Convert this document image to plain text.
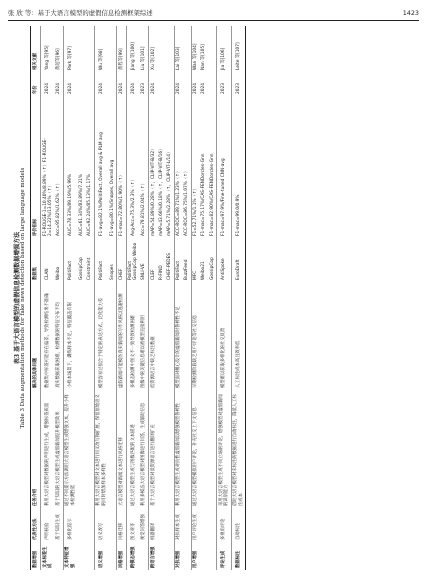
张 欣 等：基于大语言模型的虚假信息检测框架综述	1423
表3 基于大语言模型的虚假信息检测数据增强方法 Table 3 Data augmentation methods for fake news detection based on large language models
数据增强	代表性方法	任务介绍	解决的具体问题	数据集	评价指标	年份	相关文献
文本标签生成	声明核验	利用大语言模型对数据的声明进行生成，增强标签质量	数据集中标签可能存在偏差，导致检测结果不准确	CLAN	F1-ROUGE-1=10.40%/8.89%（↑）F1-ROUGE-2=14.22%/13.05%（↑）	2024	Yang 等[95]
	基于知识生成	基于知识的大语言模型生成虚假新闻提升模型效果	真实数据获取困难，检测数据的特征分布不均	Weibo	Acc=95.82%/1.62%（↑）	2024	黄超等[96]
文本特征增强	多样化提示	通过不同提示方法调用大语言模型生成增强文本，提升小样本检测性能	小样本场景下，训练样本不足，特征覆盖有限	PolitiFact	AUC=78.33%/89.19%/5.99%	2024	Park 等[97]
				GossipCop	AUC=61.34%/83.89%/7.21%		
				Constraint	AUC=92.24%/85.13%/1.17%		
语义增强	语义改写	利用大语言模型对文本进行同义改写和扩展，保留原始语义的同时增加样本多样性	模型容易过拟合于特定的表达方式，泛化能力差	PolitiFact	F1-avg=82.1%/PolitiFact, Overall avg & PLM avg	2024	Wu 等[98]
				Snopes	F1-avg=80.1%/Snopes, Overall avg		
风格增强	风格迁移	大语言模型对新闻文本进行风格迁移	虚假新闻可能模仿真实新闻的写作风格以逃避检测	CHEF	F1-mac=72.80%/1.90%（↑）	2024	黄程等[99]
跨模态增强	图文对齐	通过大语言模型生成与图像匹配的文本描述	多模态检测中图文不一致导致检测困难	PolitiFact GossipCop Weibo	Avg-Acc=75.3%/2.3%（↑）	2024	Jiang 等[100]
	视觉问答增强	利用多模态大语言模型对图像进行问答，生成辅助信息	图像中的关键信息难以被模型直接利用	SNLI-VE	Acc=79.81%/2.04%（↑）	2023	Liu 等[101]
跨语言增强	机器翻译	基于大语言模型对低资源语言进行翻译扩充	低资源语言中缺乏标注数据	CLEF	mAP=54.89%/0.28%（↑，CLIP-VIT-B/32）	2024	Xu 等[102]
				R-FIND	mAP=43.66%/0.18%（↑，CLIP-VIT-B/16）		
				CHEF-PEDES	mAP=5.71%/2.28%（↑，CLIP-VIT-L/14）		
对抗增强	对抗样本生成	利用大语言模型生成对抗性虚假新闻以增强模型鲁棒性	模型面对精心设计的虚假新闻时鲁棒性不足	PolitiFact	ACC-ROC=89.71%/1.23%（↑）	2024	Lai 等[103]
				BuzzFeed	ACC-ROC=86.75%/1.07%（↑）		
用户增强	用户评论生成	通过大语言模型模拟用户评论，补充社交上下文信息	早期检测阶段缺乏用户评论等社交信息	MFC	F1=52.71%/1.1%（↑）	2024	Wan 等[104]
				Weibo21	F1-mac=75.17%/CAS-FENDorcles-Gnn	2024	Nan 等[105]
				GossipCop	F1-mac=82.90%/CAS-FENDorcles-Gnn		
评论生成	多视角评论	采用大语言模型生成不同立场的评论，增强模型对虚假新闻的识别能力	模型难以获取多样化的社交反馈	AntiSpoke	F1-mac=97.9%/Fine-tuned CNN-avg	2023	Jia 等[106]
数据标注	自动标注	借助大语言模型对未标注的数据进行自动标注，降低人工标注成本	人工标注成本高且效率低	EuroDraft	F1-mac=99.0/0.9%	2023	Leite 等[107]
